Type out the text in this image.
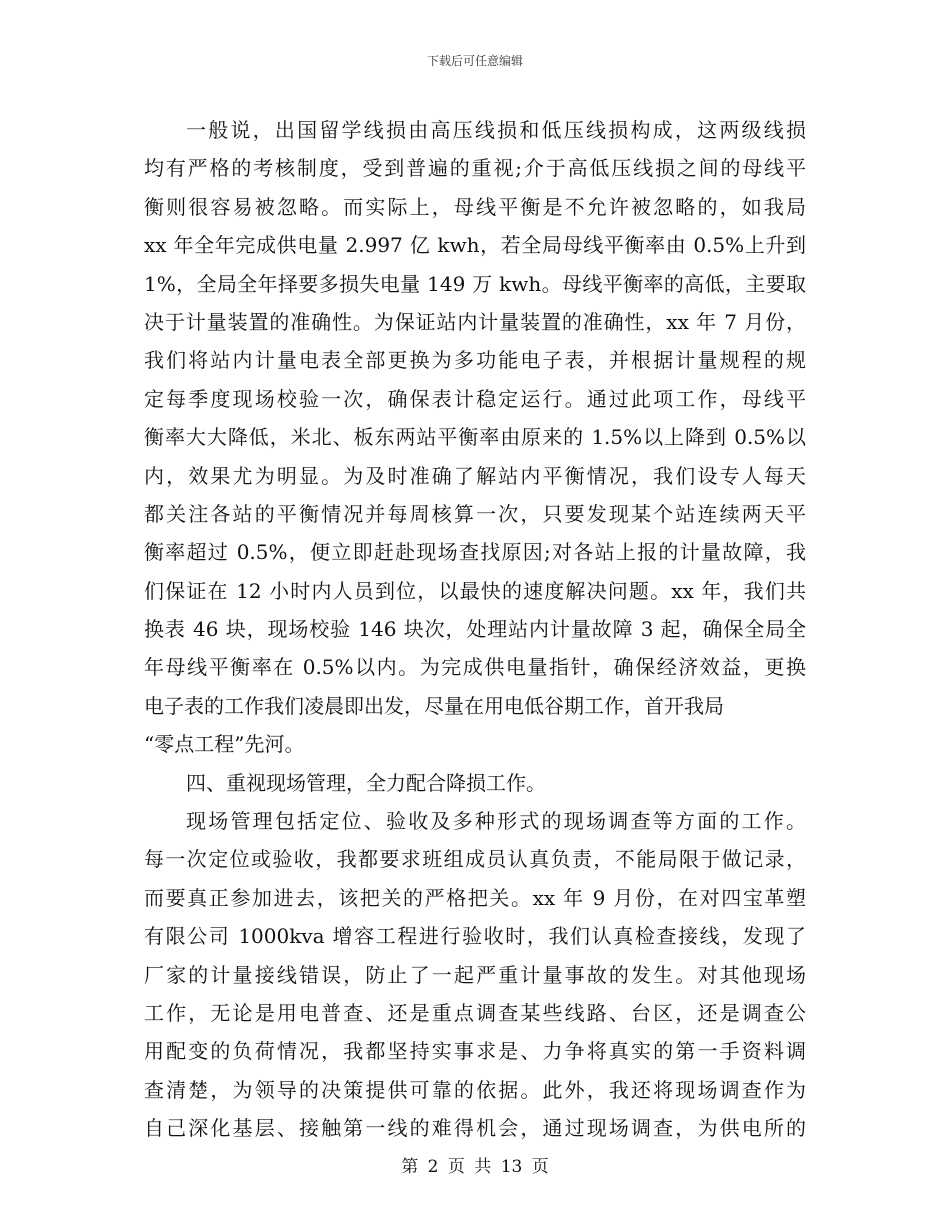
下载后可任意编辑
一般说，出国留学线损由高压线损和低压线损构成，这两级线损
均有严格的考核制度，受到普遍的重视;介于高低压线损之间的母线平
衡则很容易被忽略。而实际上，母线平衡是不允许被忽略的，如我局
xx 年全年完成供电量 2.997 亿 kwh，若全局母线平衡率由 0.5%上升到
1%，全局全年择要多损失电量 149 万 kwh。母线平衡率的高低，主要取
决于计量装置的准确性。为保证站内计量装置的准确性，xx 年 7 月份，
我们将站内计量电表全部更换为多功能电子表，并根据计量规程的规
定每季度现场校验一次，确保表计稳定运行。通过此项工作，母线平
衡率大大降低，米北、板东两站平衡率由原来的 1.5%以上降到 0.5%以
内，效果尤为明显。为及时准确了解站内平衡情况，我们设专人每天
都关注各站的平衡情况并每周核算一次，只要发现某个站连续两天平
衡率超过 0.5%，便立即赶赴现场查找原因;对各站上报的计量故障，我
们保证在 12 小时内人员到位，以最快的速度解决问题。xx 年，我们共
换表 46 块，现场校验 146 块次，处理站内计量故障 3 起，确保全局全
年母线平衡率在 0.5%以内。为完成供电量指针，确保经济效益，更换
电子表的工作我们凌晨即出发，尽量在用电低谷期工作，首开我局
“零点工程”先河。
四、重视现场管理，全力配合降损工作。
现场管理包括定位、验收及多种形式的现场调查等方面的工作。
每一次定位或验收，我都要求班组成员认真负责，不能局限于做记录，
而要真正参加进去，该把关的严格把关。xx 年 9 月份，在对四宝革塑
有限公司 1000kva 增容工程进行验收时，我们认真检查接线，发现了
厂家的计量接线错误，防止了一起严重计量事故的发生。对其他现场
工作，无论是用电普查、还是重点调查某些线路、台区，还是调查公
用配变的负荷情况，我都坚持实事求是、力争将真实的第一手资料调
查清楚，为领导的决策提供可靠的依据。此外，我还将现场调查作为
自己深化基层、接触第一线的难得机会，通过现场调查，为供电所的
第 2 页 共 13 页
